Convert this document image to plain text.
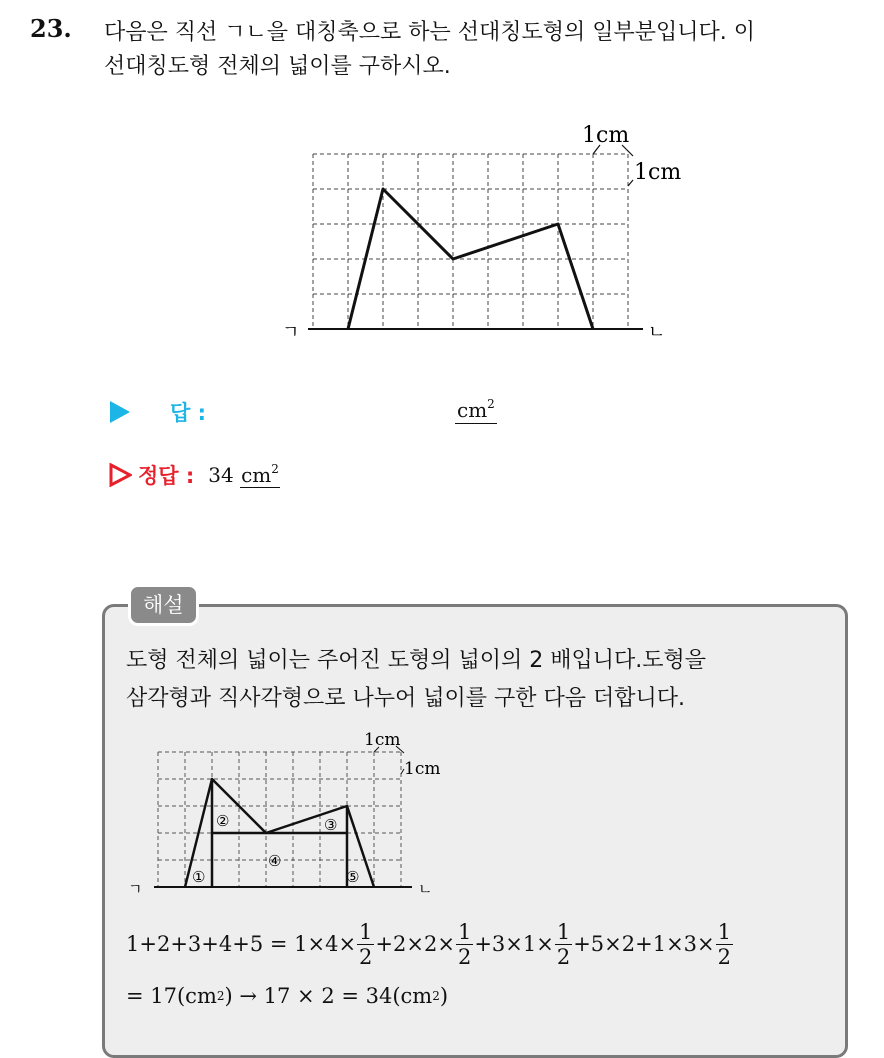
23. 다음은 직선 ㄱㄴ을 대칭축으로 하는 선대칭도형의 일부분입니다. 이
선대칭도형 전체의 넓이를 구하시오.
1cm
1cm
ㄱ	ㄴ
답 :	$cm^2$
정답 : 34 $cm^2$
해설
도형 전체의 넓이는 주어진 도형의 넓이의 2 배입니다.도형을
삼각형과 직사각형으로 나누어 넓이를 구한 다음 더합니다.
1cm
1cm
ㄱ	ㄴ
①
②	③
④
⑤
$1+2+3+4+5 = 1\times 4\times \frac{1}{2} +2\times 2\times \frac{1}{2} +3\times 1\times \frac{1}{2} +5\times 2+1\times 3\times \frac{1}{2}$
= 17(cm 2 ) → 17 × 2 = 34(cm 2 )
